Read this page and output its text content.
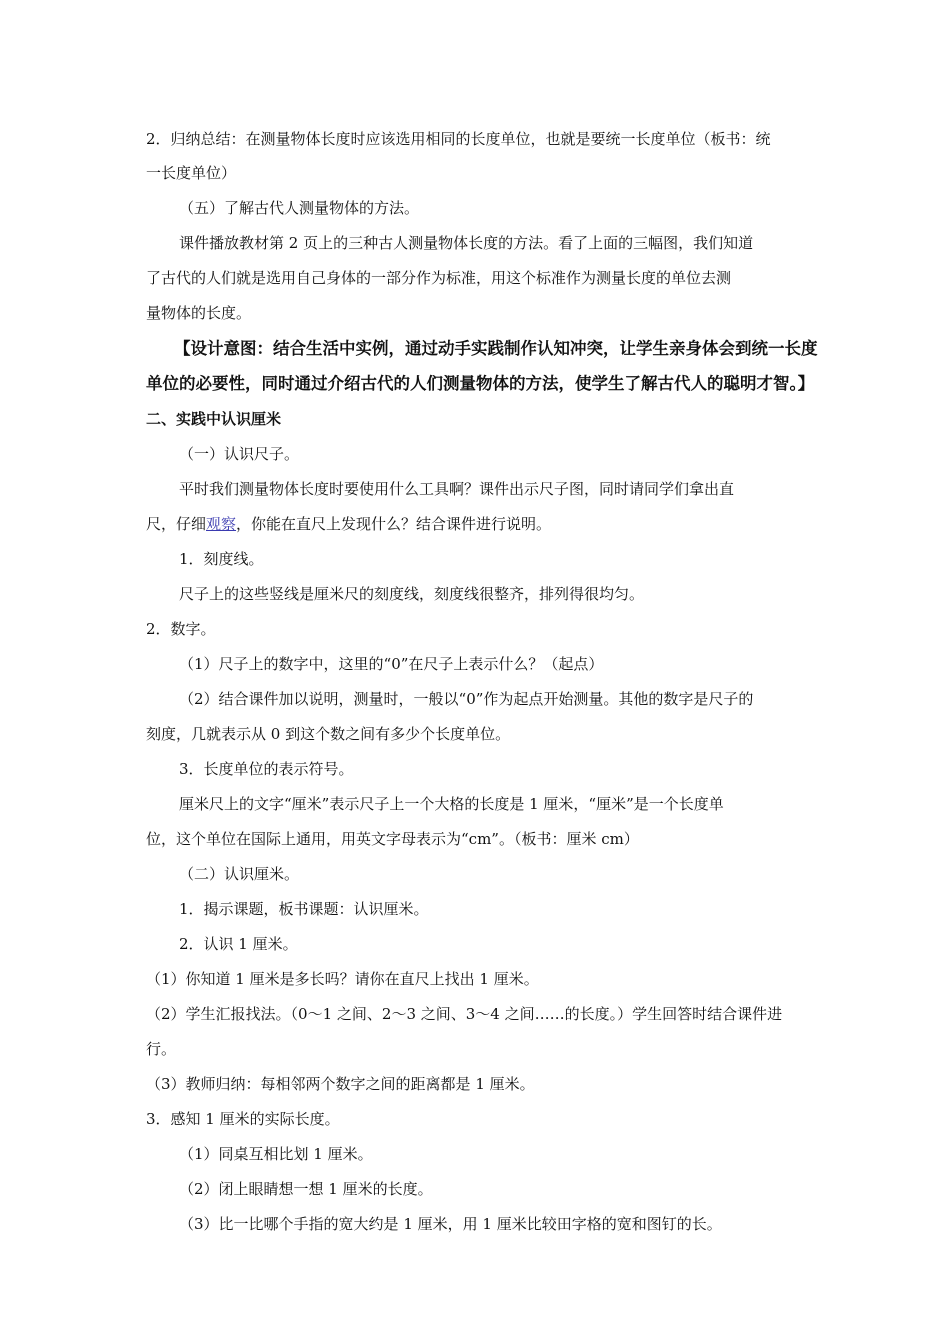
2．归纳总结：在测量物体长度时应该选用相同的长度单位，也就是要统一长度单位（板书：统
一长度单位）
（五）了解古代人测量物体的方法。
课件播放教材第 2 页上的三种古人测量物体长度的方法。看了上面的三幅图，我们知道
了古代的人们就是选用自己身体的一部分作为标准，用这个标准作为测量长度的单位去测
量物体的长度。
【设计意图：结合生活中实例，通过动手实践制作认知冲突，让学生亲身体会到统一长度
单位的必要性，同时通过介绍古代的人们测量物体的方法，使学生了解古代人的聪明才智。】
二、实践中认识厘米
（一）认识尺子。
平时我们测量物体长度时要使用什么工具啊？课件出示尺子图，同时请同学们拿出直
尺，仔细观察，你能在直尺上发现什么？结合课件进行说明。
1．刻度线。
尺子上的这些竖线是厘米尺的刻度线，刻度线很整齐，排列得很均匀。
2．数字。
（1）尺子上的数字中，这里的“0”在尺子上表示什么？（起点）
（2）结合课件加以说明，测量时，一般以“0”作为起点开始测量。其他的数字是尺子的
刻度，几就表示从 0 到这个数之间有多少个长度单位。
3．长度单位的表示符号。
厘米尺上的文字“厘米”表示尺子上一个大格的长度是 1 厘米，“厘米”是一个长度单
位，这个单位在国际上通用，用英文字母表示为“cm”。（板书：厘米 cm）
（二）认识厘米。
1．揭示课题，板书课题：认识厘米。
2．认识 1 厘米。
（1）你知道 1 厘米是多长吗？请你在直尺上找出 1 厘米。
（2）学生汇报找法。（0～1 之间、2～3 之间、3～4 之间……的长度。）学生回答时结合课件进
行。
（3）教师归纳：每相邻两个数字之间的距离都是 1 厘米。
3．感知 1 厘米的实际长度。
（1）同桌互相比划 1 厘米。
（2）闭上眼睛想一想 1 厘米的长度。
（3）比一比哪个手指的宽大约是 1 厘米，用 1 厘米比较田字格的宽和图钉的长。
